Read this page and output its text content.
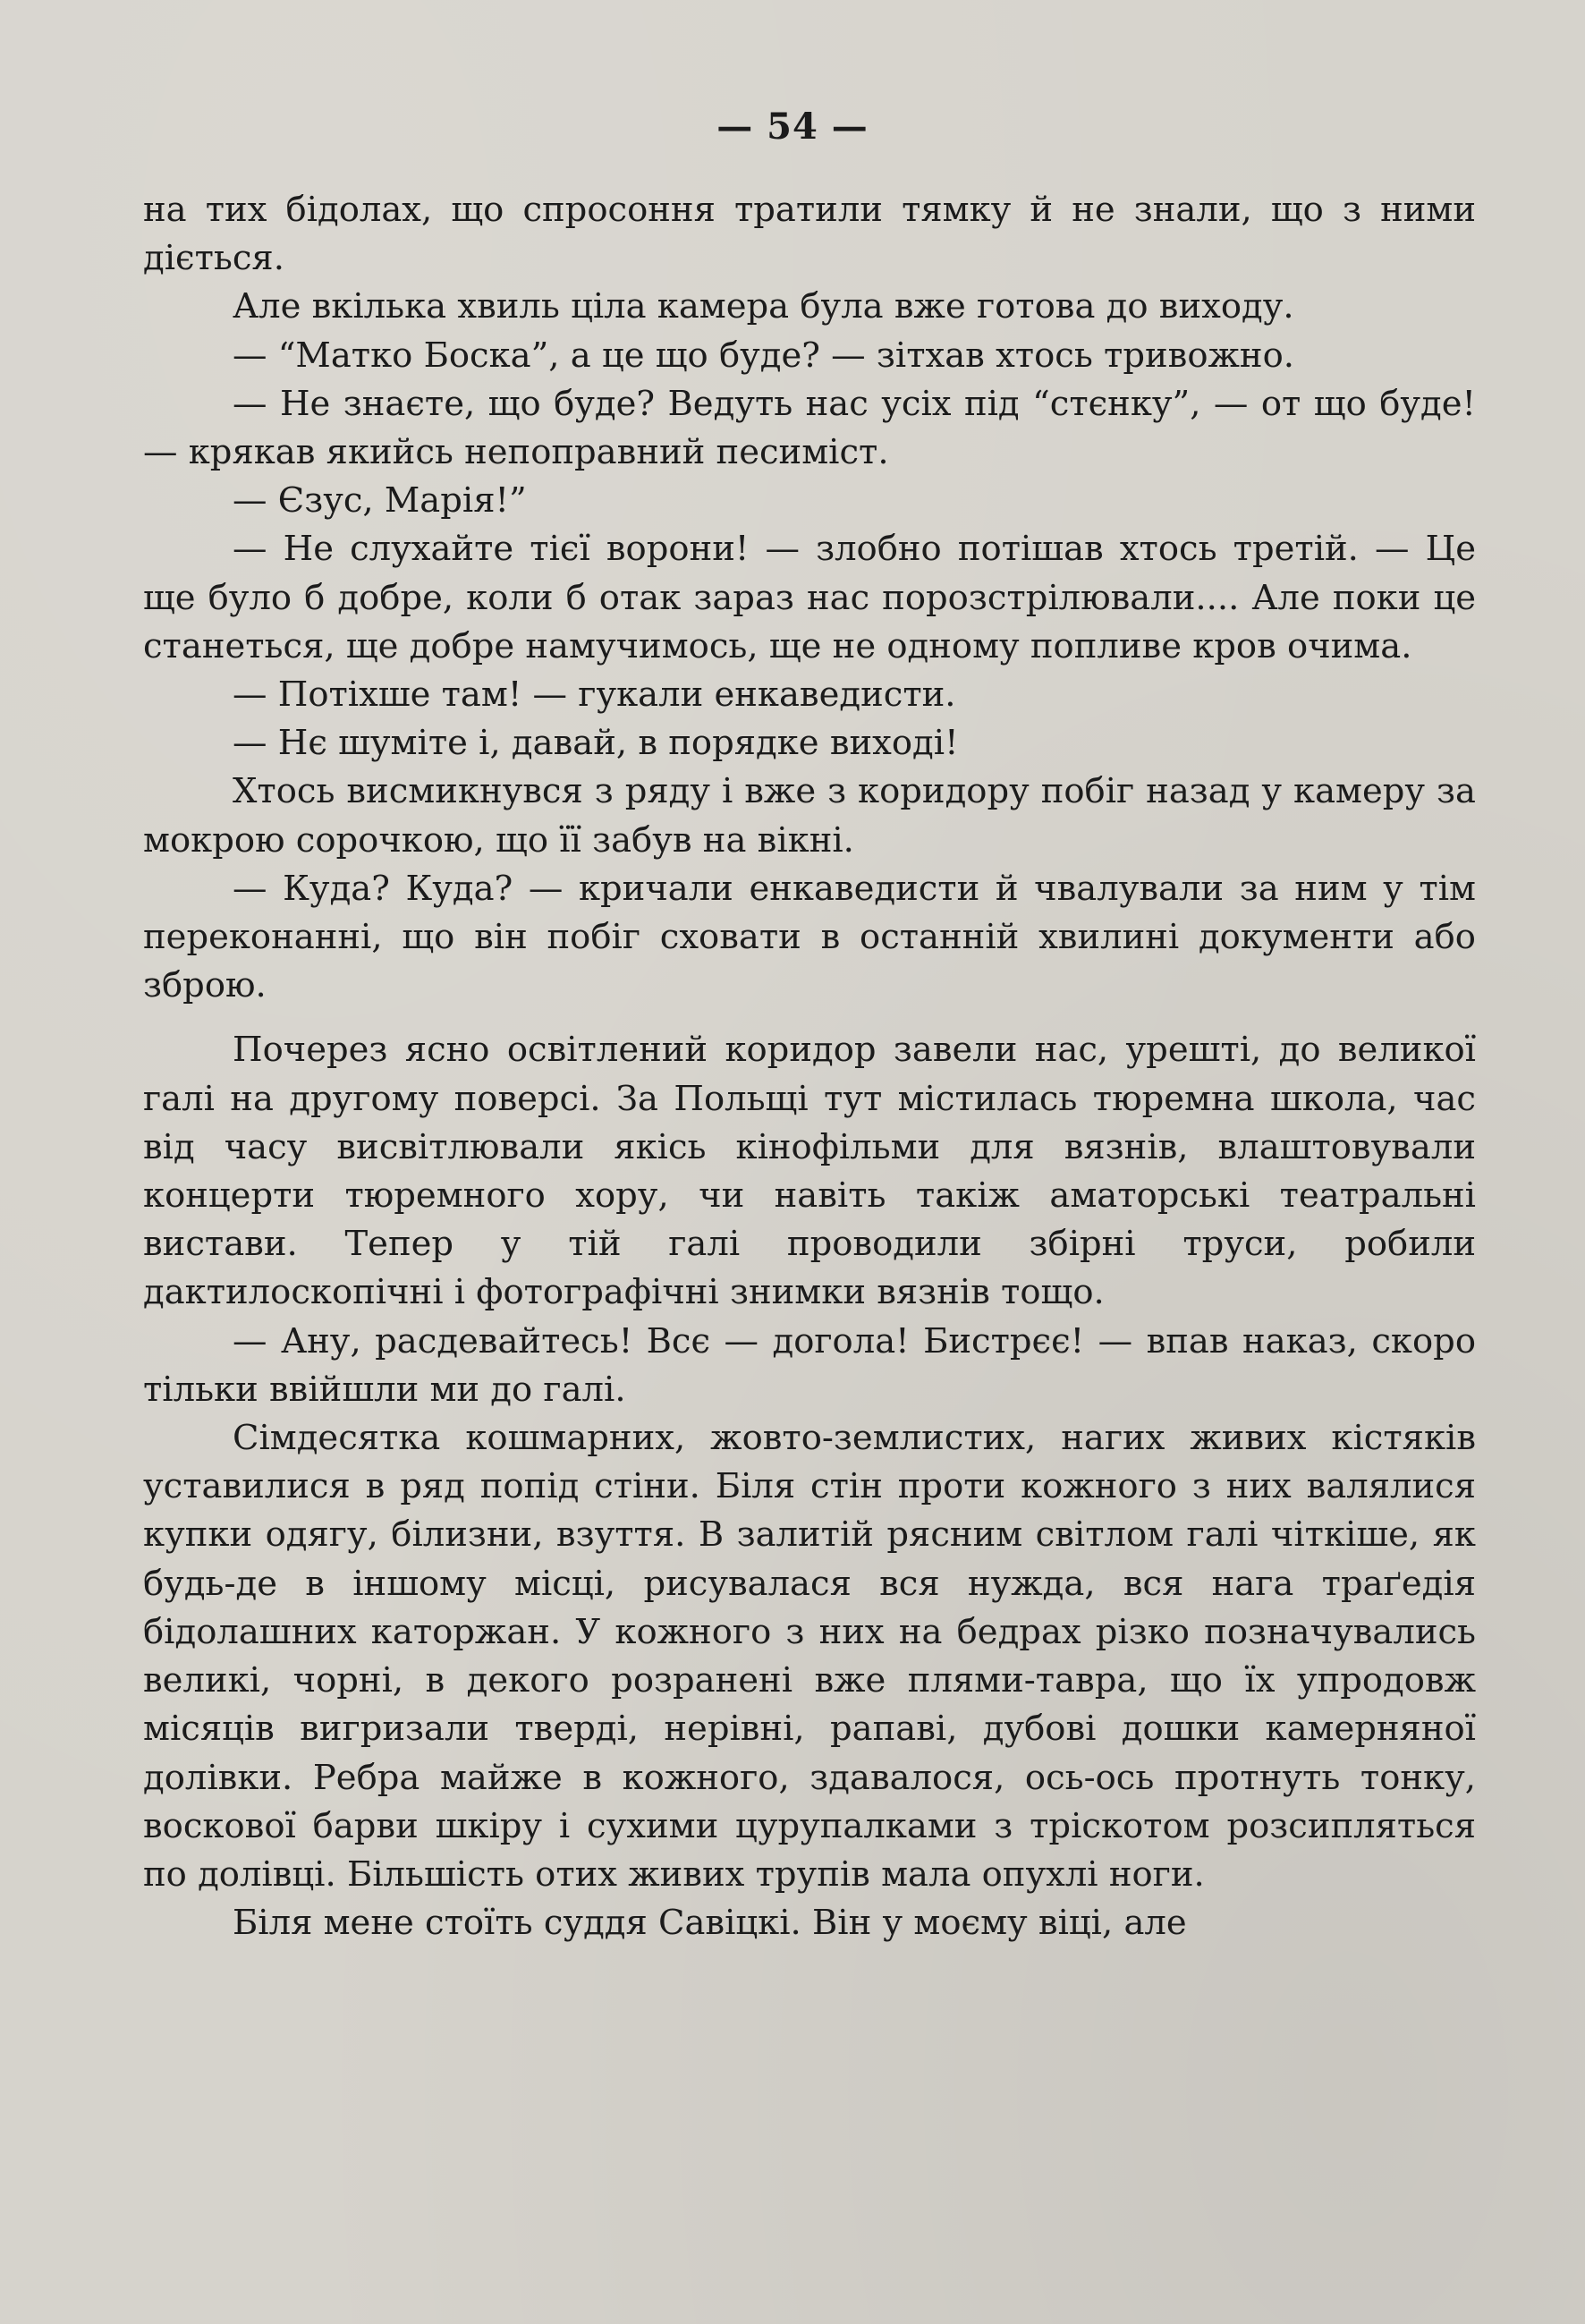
— 54 —

на тих бідолах, що спросоння тратили тямку й не знали, що з ними діється.

Але вкілька хвиль ціла камера була вже готова до виходу.

— “Матко Боска”, а це що буде? — зітхав хтось тривожно.

— Не знаєте, що буде? Ведуть нас усіх під “стєнку”, — от що буде! — крякав якийсь непоправний песиміст.

— Єзус, Марія!”

— Не слухайте тієї ворони! — злобно потішав хтось третій. — Це ще було б добре, коли б отак зараз нас порозстрілювали.... Але поки це станеться, ще добре намучимось, ще не одному попливе кров очима.

— Потіхше там! — гукали енкаведисти.

— Нє шуміте і, давай, в порядке виході!

Хтось висмикнувся з ряду і вже з коридору побіг назад у камеру за мокрою сорочкою, що її забув на вікні.

— Куда? Куда? — кричали енкаведисти й чвалували за ним у тім переконанні, що він побіг сховати в останній хвилині документи або зброю.

Почерез ясно освітлений коридор завели нас, урешті, до великої галі на другому поверсі. За Польщі тут містилась тюремна школа, час від часу висвітлювали якісь кінофільми для вязнів, влаштовували концерти тюремного хору, чи навіть такіж аматорські театральні вистави. Тепер у тій галі проводили збірні труси, робили дактилоскопічні і фотографічні знимки вязнів тощо.

— Ану, расдевайтесь! Всє — догола! Бистрєє! — впав наказ, скоро тільки ввійшли ми до галі.

Сімдесятка кошмарних, жовто-землистих, нагих живих кістяків уставилися в ряд попід стіни. Біля стін проти кожного з них валялися купки одягу, білизни, взуття. В залитій рясним світлом галі чіткіше, як будь-де в іншому місці, рисувалася вся нужда, вся нага траґедія бідолашних каторжан. У кожного з них на бедрах різко позначувались великі, чорні, в декого розранені вже плями-тавра, що їх упродовж місяців вигризали тверді, нерівні, рапаві, дубові дошки камерняної долівки. Ребра майже в кожного, здавалося, ось-ось протнуть тонку, воскової барви шкіру і сухими цурупалками з тріскотом розсипляться по долівці. Більшість отих живих трупів мала опухлі ноги.

Біля мене стоїть суддя Савіцкі. Він у моєму віці, але
